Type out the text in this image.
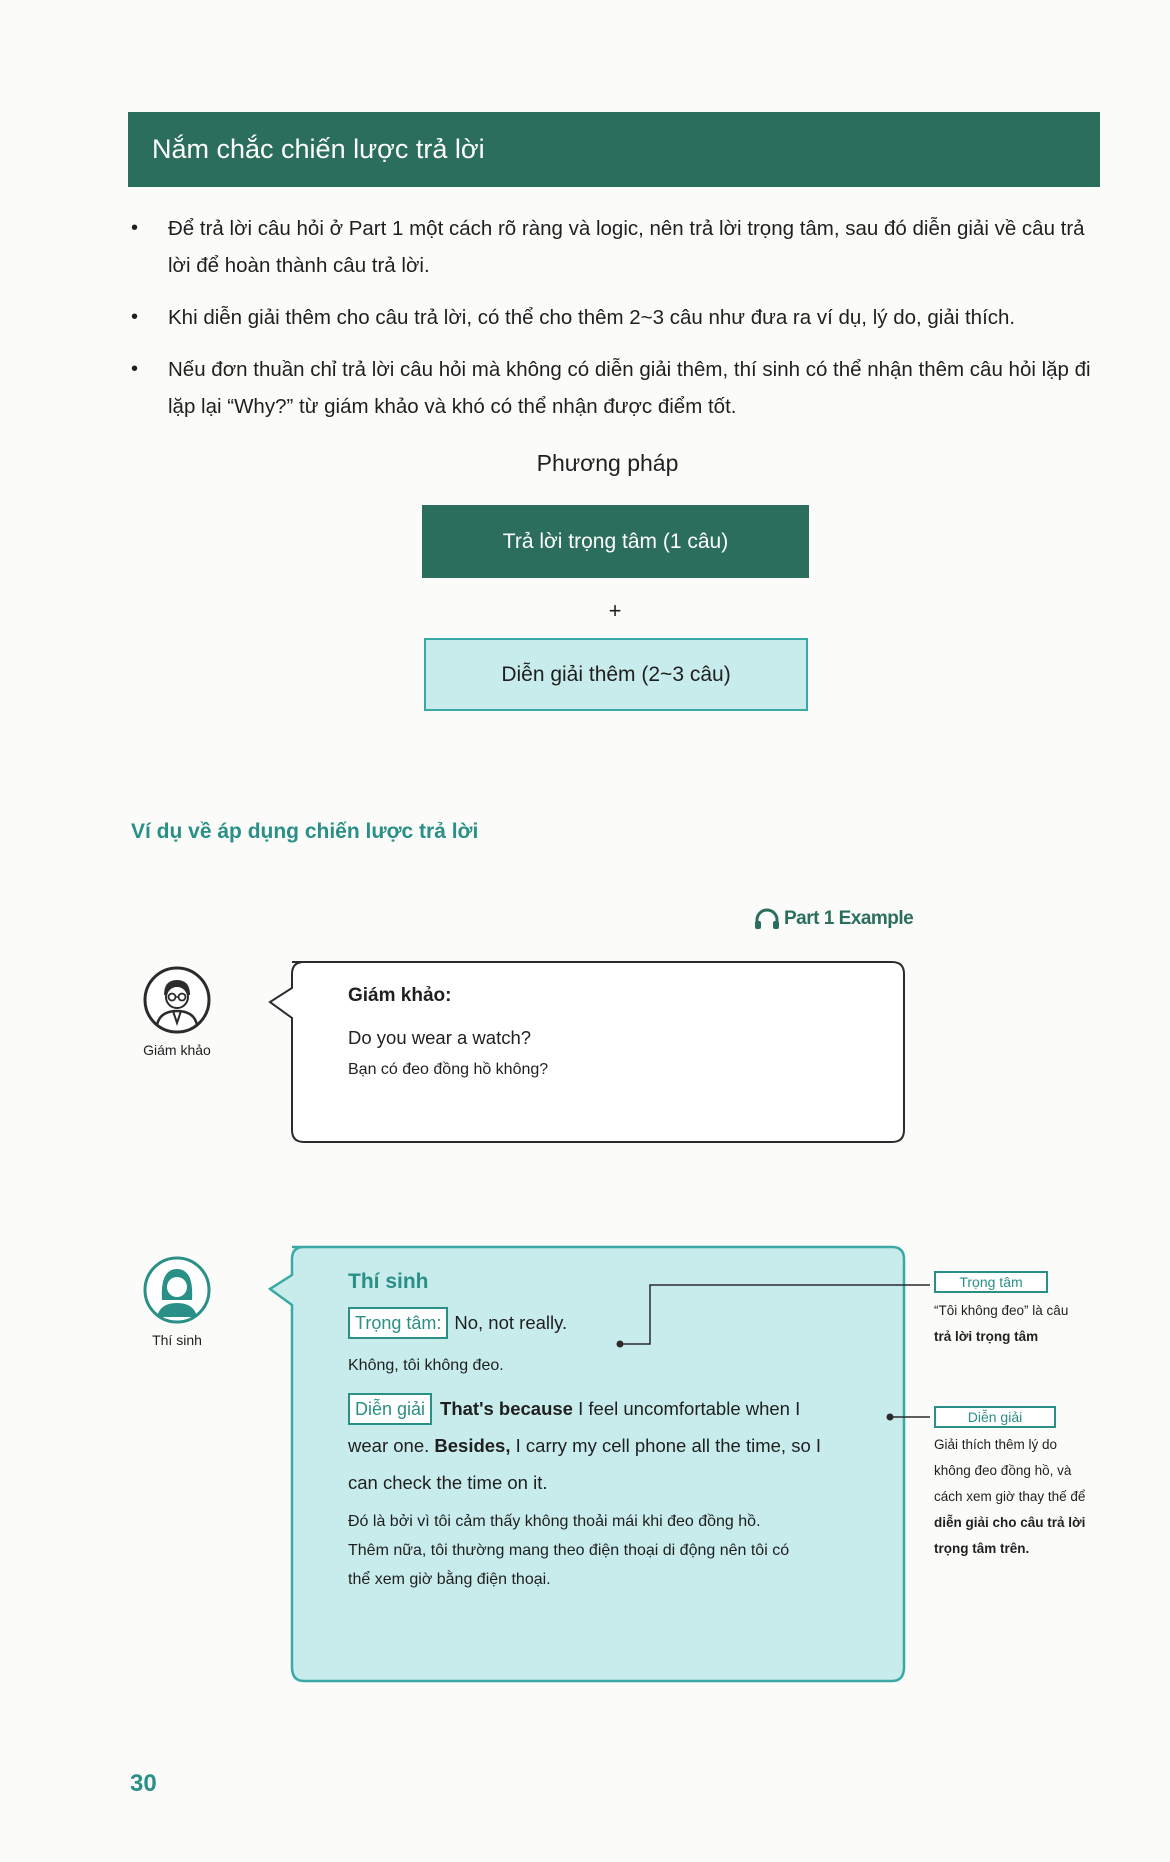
Nắm chắc chiến lược trả lời
• Để trả lời câu hỏi ở Part 1 một cách rõ ràng và logic, nên trả lời trọng tâm, sau đó diễn giải về câu trả lời để hoàn thành câu trả lời.
• Khi diễn giải thêm cho câu trả lời, có thể cho thêm 2~3 câu như đưa ra ví dụ, lý do, giải thích.
• Nếu đơn thuần chỉ trả lời câu hỏi mà không có diễn giải thêm, thí sinh có thể nhận thêm câu hỏi lặp đi lặp lại “Why?” từ giám khảo và khó có thể nhận được điểm tốt.
Phương pháp
Trả lời trọng tâm (1 câu)
+
Diễn giải thêm (2~3 câu)
Ví dụ về áp dụng chiến lược trả lời
Part 1 Example
Giám khảo
Giám khảo:
Do you wear a watch?
Bạn có đeo đồng hồ không?
Thí sinh
Thí sinh
Trọng tâm: No, not really.
Không, tôi không đeo.
Diễn giải That's because I feel uncomfortable when I
wear one. Besides, I carry my cell phone all the time, so I
can check the time on it.
Đó là bởi vì tôi cảm thấy không thoải mái khi đeo đồng hồ.
Thêm nữa, tôi thường mang theo điện thoại di động nên tôi có
thể xem giờ bằng điện thoại.
Trọng tâm
“Tôi không đeo” là câu
trả lời trọng tâm
Diễn giải
Giải thích thêm lý do
không đeo đồng hồ, và
cách xem giờ thay thế để
diễn giải cho câu trả lời
trọng tâm trên.
30
